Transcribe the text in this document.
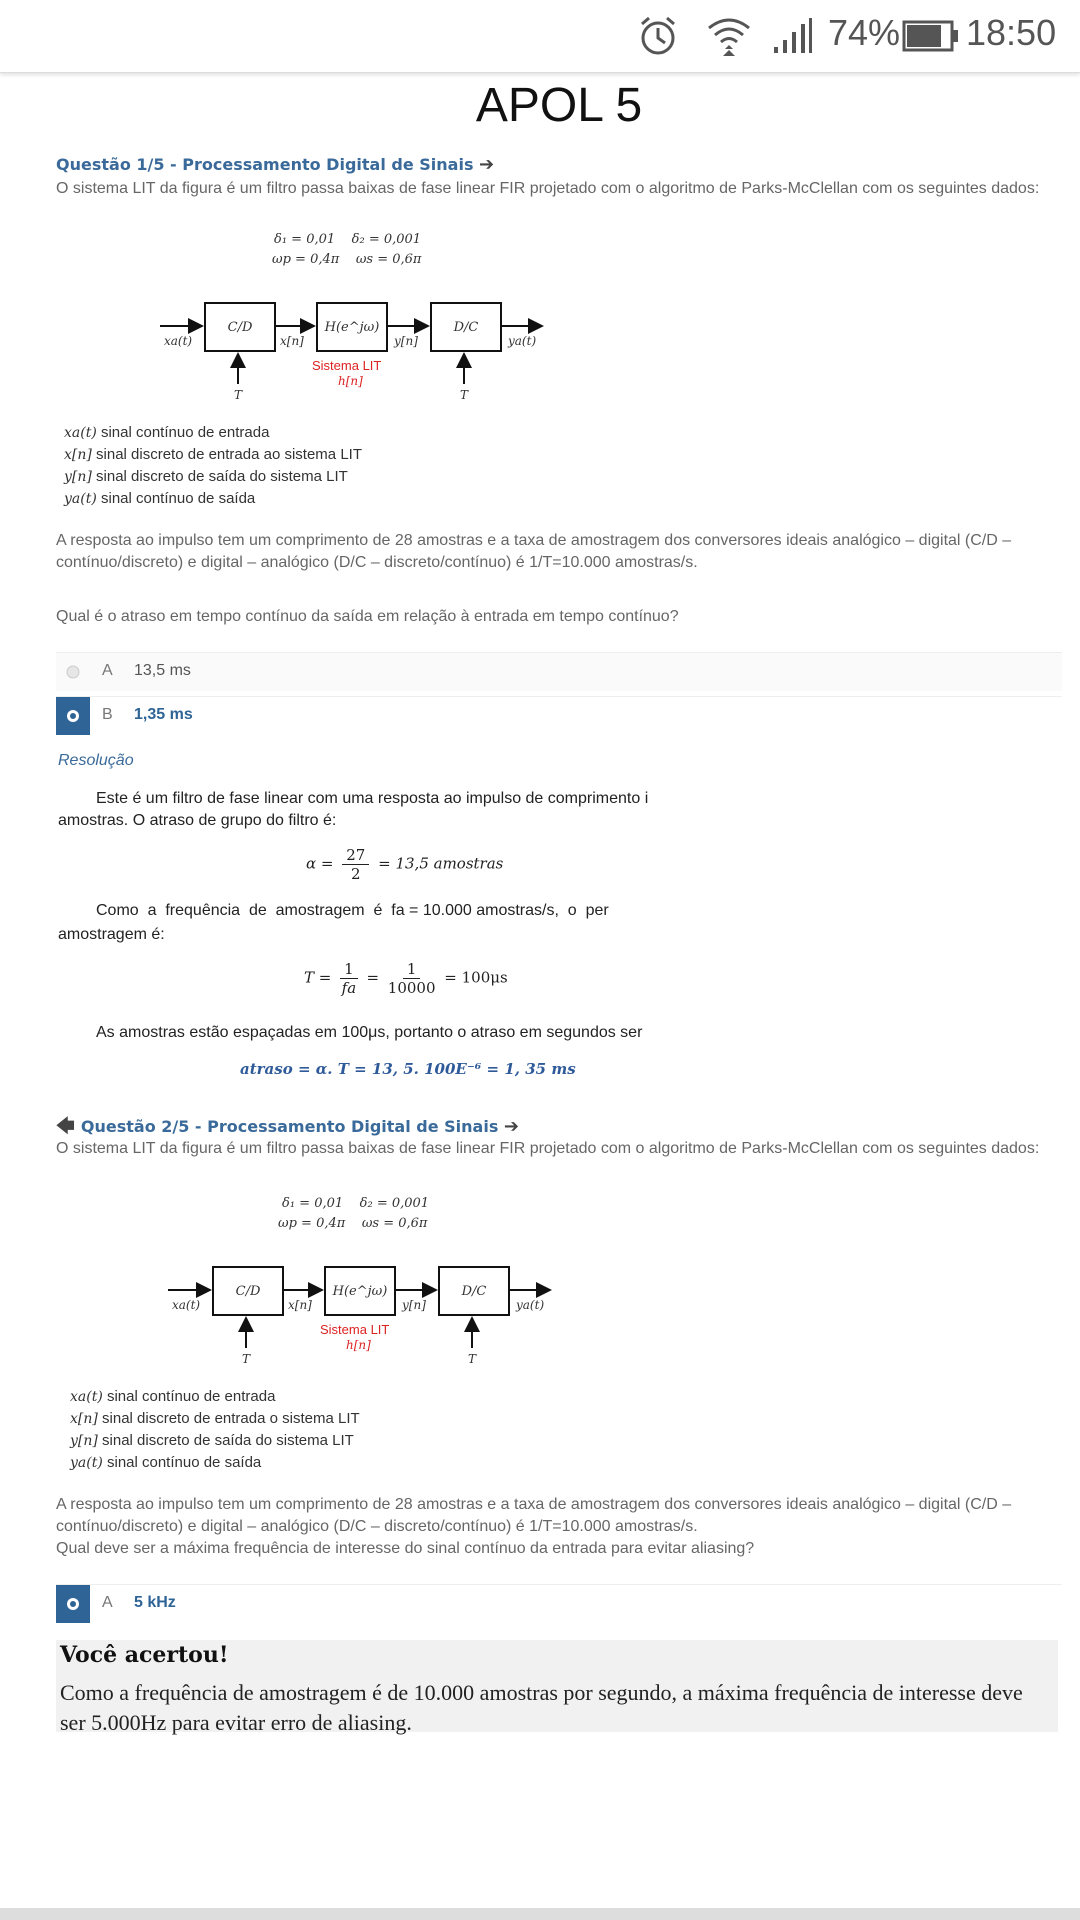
74% 18:50
APOL 5
Questão 1/5 - Processamento Digital de Sinais ➔
O sistema LIT da figura é um filtro passa baixas de fase linear FIR projetado com o algoritmo de Parks-McClellan com os seguintes dados:
δ₁ = 0,01    δ₂ = 0,001
ωp = 0,4π    ωs = 0,6π
C/D	H(e^jω)	D/C
xa(t)	x[n]	y[n]	ya(t)
T	T
Sistema LIT
h[n]
xa(t) sinal contínuo de entrada
x[n] sinal discreto de entrada ao sistema LIT
y[n] sinal discreto de saída do sistema LIT
ya(t) sinal contínuo de saída
A resposta ao impulso tem um comprimento de 28 amostras e a taxa de amostragem dos conversores ideais analógico – digital (C/D –
contínuo/discreto) e digital – analógico (D/C – discreto/contínuo) é 1/T=10.000 amostras/s.
Qual é o atraso em tempo contínuo da saída em relação à entrada em tempo contínuo?
A 13,5 ms
B 1,35 ms
Resolução
Este é um filtro de fase linear com uma resposta ao impulso de comprimento i
amostras. O atraso de grupo do filtro é:
$\alpha = \frac{27}{2} = 13,5$ amostras
Como  a  frequência  de  amostragem  é  fa = 10.000 amostras/s,  o  per
amostragem é:
$T = \frac{1}{fa} = \frac{1}{10000} = 100\mu s$
As amostras estão espaçadas em 100μs, portanto o atraso em segundos ser
atraso = α. T = 13, 5. 100E⁻⁶ = 1, 35 ms
🡄 Questão 2/5 - Processamento Digital de Sinais ➔
O sistema LIT da figura é um filtro passa baixas de fase linear FIR projetado com o algoritmo de Parks-McClellan com os seguintes dados:
δ₁ = 0,01    δ₂ = 0,001
ωp = 0,4π    ωs = 0,6π
C/D	H(e^jω)	D/C
xa(t)	x[n]	y[n]	ya(t)
T	T
Sistema LIT
h[n]
xa(t) sinal contínuo de entrada
x[n] sinal discreto de entrada o sistema LIT
y[n] sinal discreto de saída do sistema LIT
ya(t) sinal contínuo de saída
A resposta ao impulso tem um comprimento de 28 amostras e a taxa de amostragem dos conversores ideais analógico – digital (C/D –
contínuo/discreto) e digital – analógico (D/C – discreto/contínuo) é 1/T=10.000 amostras/s.
Qual deve ser a máxima frequência de interesse do sinal contínuo da entrada para evitar aliasing?
A 5 kHz
Você acertou!
Como a frequência de amostragem é de 10.000 amostras por segundo, a máxima frequência de interesse deve
ser 5.000Hz para evitar erro de aliasing.
